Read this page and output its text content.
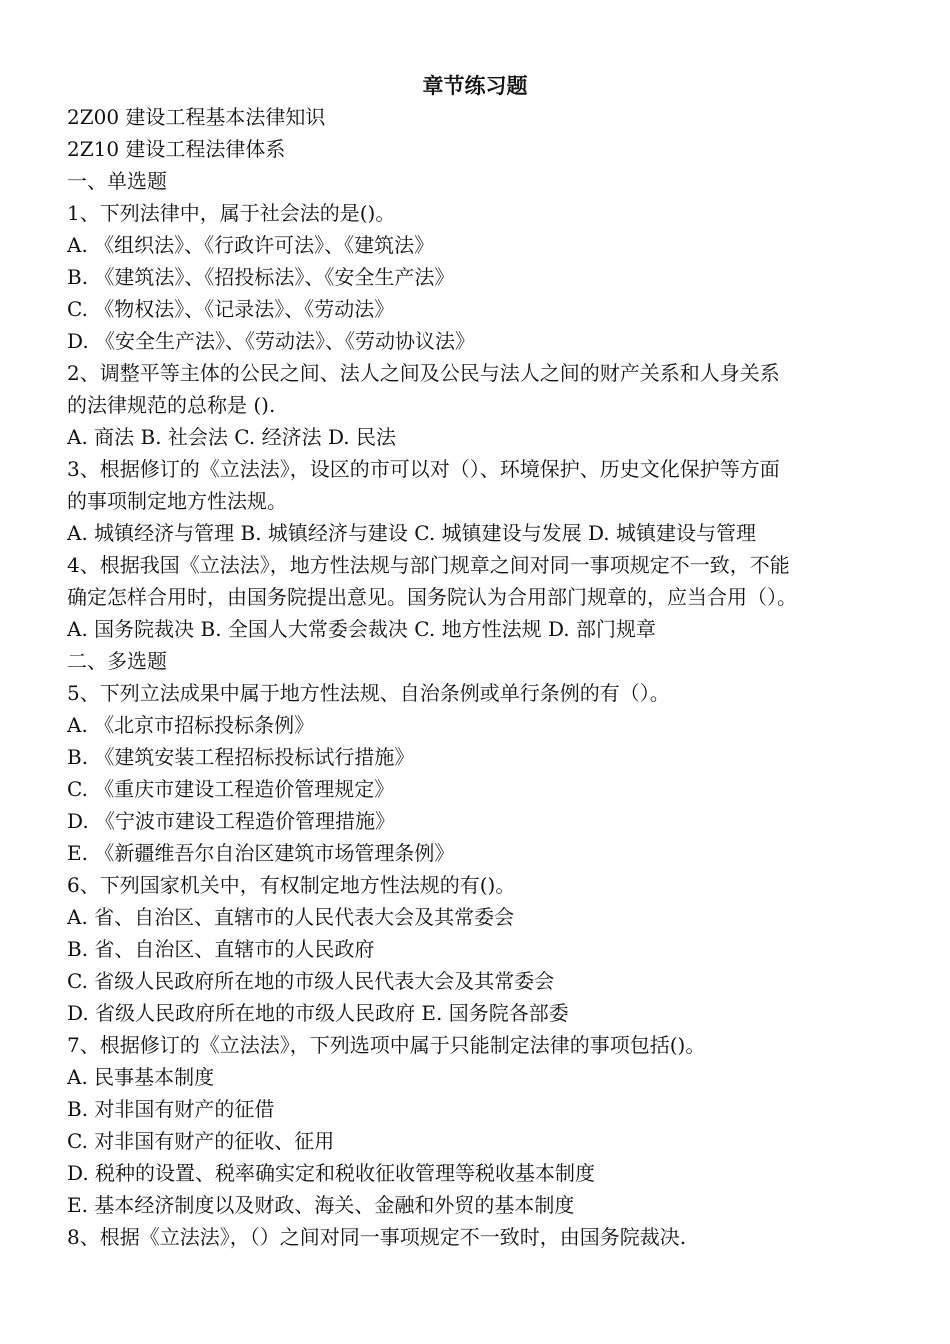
章节练习题
2Z00 建设工程基本法律知识
2Z10 建设工程法律体系
一、单选题
1、下列法律中，属于社会法的是()。
A. 《组织法》、《行政许可法》、《建筑法》
B. 《建筑法》、《招投标法》、《安全生产法》
C. 《物权法》、《记录法》、《劳动法》
D. 《安全生产法》、《劳动法》、《劳动协议法》
2、调整平等主体的公民之间、法人之间及公民与法人之间的财产关系和人身关系
的法律规范的总称是 ().
A. 商法 B. 社会法 C. 经济法 D. 民法
3、根据修订的《立法法》，设区的市可以对（）、环境保护、历史文化保护等方面
的事项制定地方性法规。
A. 城镇经济与管理 B. 城镇经济与建设 C. 城镇建设与发展 D. 城镇建设与管理
4、根据我国《立法法》，地方性法规与部门规章之间对同一事项规定不一致，不能
确定怎样合用时，由国务院提出意见。国务院认为合用部门规章的，应当合用（）。
A. 国务院裁决 B. 全国人大常委会裁决 C. 地方性法规 D. 部门规章
二、多选题
5、下列立法成果中属于地方性法规、自治条例或单行条例的有（）。
A. 《北京市招标投标条例》
B. 《建筑安装工程招标投标试行措施》
C. 《重庆市建设工程造价管理规定》
D. 《宁波市建设工程造价管理措施》
E. 《新疆维吾尔自治区建筑市场管理条例》
6、下列国家机关中，有权制定地方性法规的有()。
A. 省、自治区、直辖市的人民代表大会及其常委会
B. 省、自治区、直辖市的人民政府
C. 省级人民政府所在地的市级人民代表大会及其常委会
D. 省级人民政府所在地的市级人民政府 E. 国务院各部委
7、根据修订的《立法法》，下列选项中属于只能制定法律的事项包括()。
A. 民事基本制度
B. 对非国有财产的征借
C. 对非国有财产的征收、征用
D. 税种的设置、税率确实定和税收征收管理等税收基本制度
E. 基本经济制度以及财政、海关、金融和外贸的基本制度
8、根据《立法法》，（）之间对同一事项规定不一致时，由国务院裁决.
